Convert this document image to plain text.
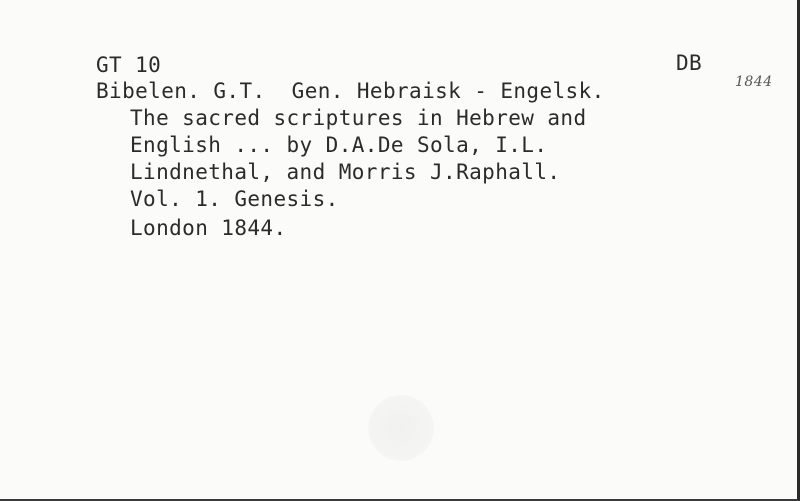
GT 10	DB
Bibelen. G.T.  Gen. Hebraisk - Engelsk.	1844
The sacred scriptures in Hebrew and
English ... by D.A.De Sola, I.L.
Lindnethal, and Morris J.Raphall.
Vol. 1. Genesis.
London 1844.
